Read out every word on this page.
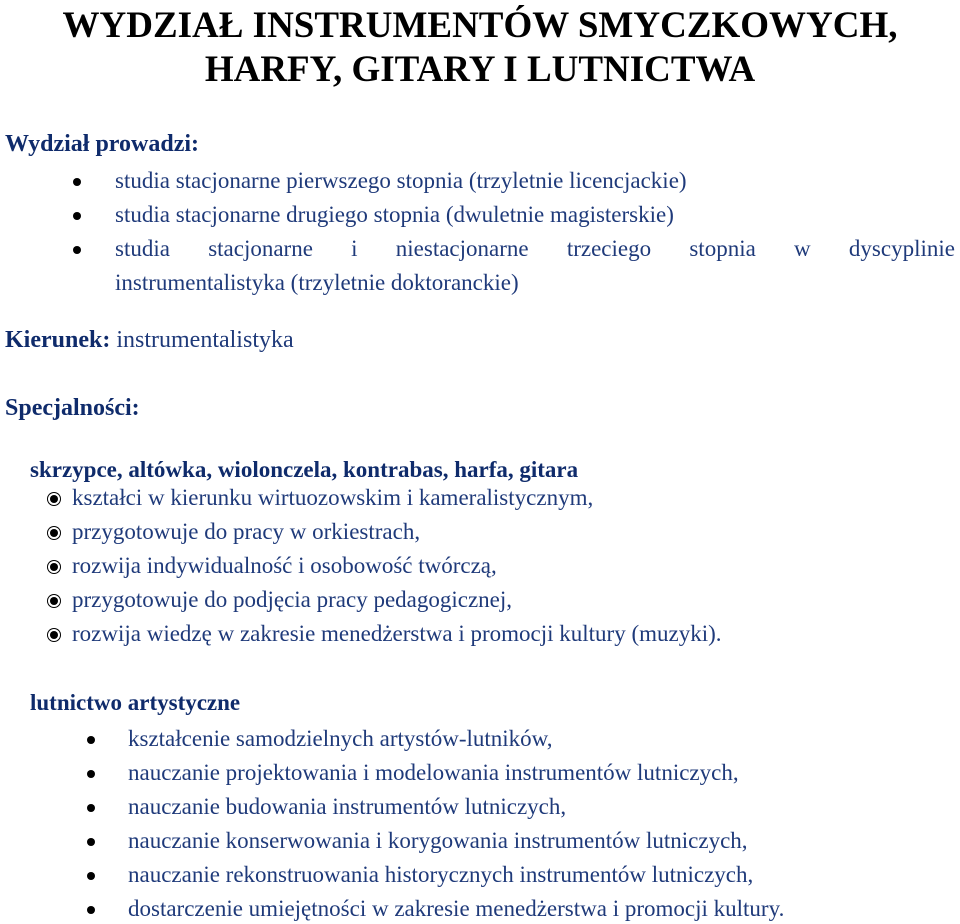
WYDZIAŁ INSTRUMENTÓW SMYCZKOWYCH,
HARFY, GITARY I LUTNICTWA
Wydział prowadzi:
studia stacjonarne pierwszego stopnia (trzyletnie licencjackie)
studia stacjonarne drugiego stopnia (dwuletnie magisterskie)
studia stacjonarne i niestacjonarne trzeciego stopnia w dyscyplinie
instrumentalistyka (trzyletnie doktoranckie)
Kierunek: instrumentalistyka
Specjalności:
skrzypce, altówka, wiolonczela, kontrabas, harfa, gitara
kształci w kierunku wirtuozowskim i kameralistycznym,
przygotowuje do pracy w orkiestrach,
rozwija indywidualność i osobowość twórczą,
przygotowuje do podjęcia pracy pedagogicznej,
rozwija wiedzę w zakresie menedżerstwa i promocji kultury (muzyki).
lutnictwo artystyczne
kształcenie samodzielnych artystów-lutników,
nauczanie projektowania i modelowania instrumentów lutniczych,
nauczanie budowania instrumentów lutniczych,
nauczanie konserwowania i korygowania instrumentów lutniczych,
nauczanie rekonstruowania historycznych instrumentów lutniczych,
dostarczenie umiejętności w zakresie menedżerstwa i promocji kultury.
